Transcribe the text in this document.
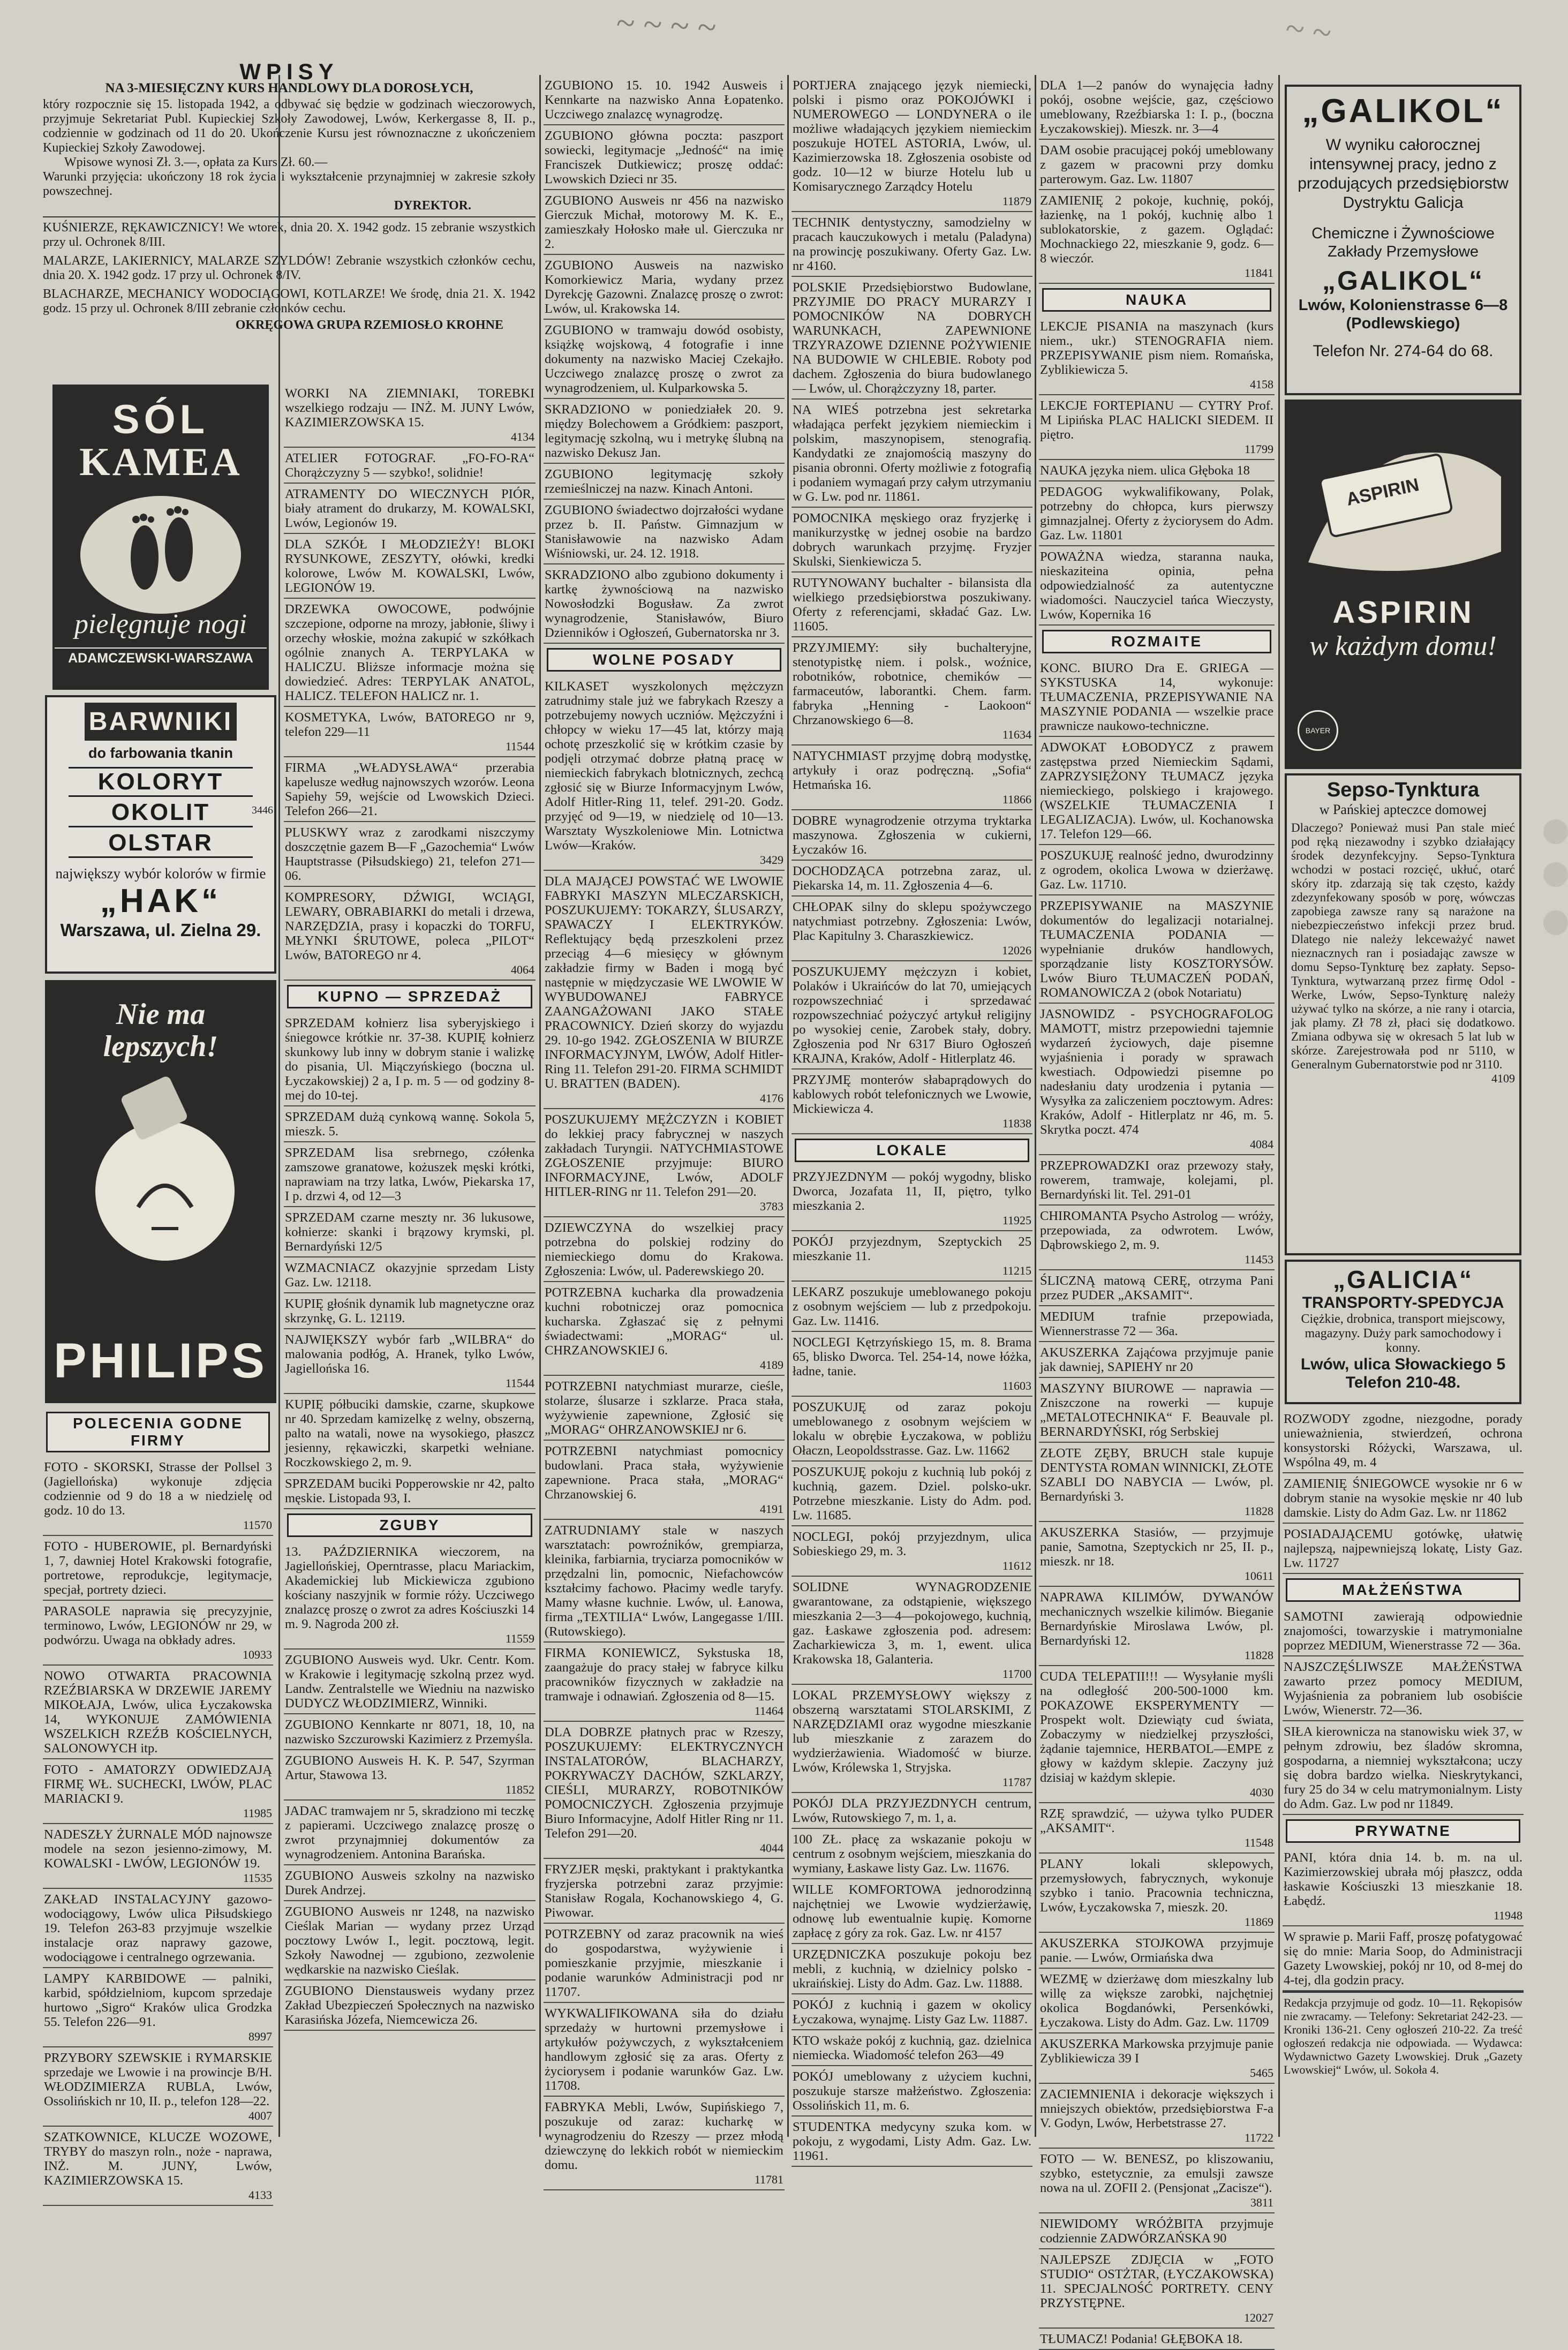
~ ~ ~ ~	~ ~
WPISY
NA 3-MIESIĘCZNY KURS HANDLOWY DLA DOROSŁYCH,
który rozpocznie się 15. listopada 1942, a odbywać się będzie w godzinach wieczorowych, przyjmuje Sekretariat Publ. Kupieckiej Szkoły Zawodowej, Lwów, Kerkergasse 8, II. p., codziennie w godzinach od 11 do 20. Ukończenie Kursu jest równoznaczne z ukończeniem Kupieckiej Szkoły Zawodowej.
Wpisowe wynosi Zł. 3.—, opłata za Kurs Zł. 60.—
Warunki przyjęcia: ukończony 18 rok życia i wykształcenie przynajmniej w zakresie szkoły powszechnej.
DYREKTOR.
KUŚNIERZE, RĘKAWICZNICY! We wtorek, dnia 20. X. 1942 godz. 15 zebranie wszystkich przy ul. Ochronek 8/III.
MALARZE, LAKIERNICY, MALARZE SZYLDÓW! Zebranie wszystkich członków cechu, dnia 20. X. 1942 godz. 17 przy ul. Ochronek 8/IV.
BLACHARZE, MECHANICY WODOCIĄGOWI, KOTLARZE! We środę, dnia 21. X. 1942 godz. 15 przy ul. Ochronek 8/III zebranie członków cechu.
OKRĘGOWA GRUPA RZEMIOSŁO KROHNE
SÓL
KAMEA
pielęgnuje nogi
ADAMCZEWSKI-WARSZAWA
BARWNIKI
do farbowania tkanin
KOLORYT
OKOLIT
OLSTAR
3446
największy wybór kolorów w firmie
„HAK“
Warszawa, ul. Zielna 29.
Nie ma lepszych!
PHILIPS
POLECENIA GODNE FIRMY
FOTO - SKORSKI, Strasse der Pollsel 3 (Jagiellońska) wykonuje zdjęcia codziennie od 9 do 18 a w niedzielę od godz. 10 do 13.
11570
FOTO - HUBEROWIE, pl. Bernardyński 1, 7, dawniej Hotel Krakowski fotografie, portretowe, reprodukcje, legitymacje, specjał, portrety dzieci.
PARASOLE naprawia się precyzyjnie, terminowo, Lwów, LEGIONÓW nr 29, w podwórzu. Uwaga na obkłady adres.
10933
NOWO OTWARTA PRACOWNIA RZEŹBIARSKA W DRZEWIE JAREMY MIKOŁAJA, Lwów, ulica Łyczakowska 14, WYKONUJE ZAMÓWIENIA WSZELKICH RZEŹB KOŚCIELNYCH, SALONOWYCH itp.
FOTO - AMATORZY ODWIEDZAJĄ FIRMĘ WŁ. SUCHECKI, LWÓW, PLAC MARIACKI 9.
11985
NADESZŁY ŻURNALE MÓD najnowsze modele na sezon jesienno-zimowy, M. KOWALSKI - LWÓW, LEGIONÓW 19.
11535
ZAKŁAD INSTALACYJNY gazowo-wodociągowy, Lwów ulica Piłsudskiego 19. Telefon 263-83 przyjmuje wszelkie instalacje oraz naprawy gazowe, wodociągowe i centralnego ogrzewania.
LAMPY KARBIDOWE — palniki, karbid, spółdzielniom, kupcom sprzedaje hurtowo „Sigro“ Kraków ulica Grodzka 55. Telefon 226—91.
8997
PRZYBORY SZEWSKIE i RYMARSKIE sprzedaje we Lwowie i na prowincje B/H. WŁODZIMIERZA RUBLA, Lwów, Ossolińskich nr 10, II. p., telefon 128—22.
4007
SZATKOWNICE, KLUCZE WOZOWE, TRYBY do maszyn roln., noże - naprawa, INŻ. M. JUNY, Lwów, KAZIMIERZOWSKA 15.
4133
WORKI NA ZIEMNIAKI, TOREBKI wszelkiego rodzaju — INŻ. M. JUNY Lwów, KAZIMIERZOWSKA 15.
4134
ATELIER FOTOGRAF. „FO-FO-RA“ Chorążczyzny 5 — szybko!, solidnie!
ATRAMENTY DO WIECZNYCH PIÓR, biały atrament do drukarzy, M. KOWALSKI, Lwów, Legionów 19.
DLA SZKÓŁ I MŁODZIEŻY! BLOKI RYSUNKOWE, ZESZYTY, ołówki, kredki kolorowe, Lwów M. KOWALSKI, Lwów, LEGIONÓW 19.
DRZEWKA OWOCOWE, podwójnie szczepione, odporne na mrozy, jabłonie, śliwy i orzechy włoskie, można zakupić w szkółkach ogólnie znanych A. TERPYLAKA w HALICZU. Bliższe informacje można się dowiedzieć. Adres: TERPYLAK ANATOL, HALICZ. TELEFON HALICZ nr. 1.
KOSMETYKA, Lwów, BATOREGO nr 9, telefon 229—11
11544
FIRMA „WŁADYSŁAWA“ przerabia kapelusze według najnowszych wzorów. Leona Sapiehy 59, wejście od Lwowskich Dzieci. Telefon 266—21.
PLUSKWY wraz z zarodkami niszczymy doszczętnie gazem B—F „Gazochemia“ Lwów Hauptstrasse (Piłsudskiego) 21, telefon 271—06.
KOMPRESORY, DŹWIGI, WCIĄGI, LEWARY, OBRABIARKI do metali i drzewa, NARZĘDZIA, prasy i kopaczki do TORFU, MŁYNKI ŚRUTOWE, poleca „PILOT“ Lwów, BATOREGO nr 4.
4064
KUPNO — SPRZEDAŻ
SPRZEDAM kołnierz lisa syberyjskiego i śniegowce krótkie nr. 37-38. KUPIĘ kołnierz skunkowy lub inny w dobrym stanie i walizkę do pisania, Ul. Miączyńskiego (boczna ul. Łyczakowskiej) 2 a, I p. m. 5 — od godziny 8-mej do 10-tej.
SPRZEDAM dużą cynkową wannę. Sokola 5, mieszk. 5.
SPRZEDAM lisa srebrnego, czółenka zamszowe granatowe, kożuszek męski krótki, naprawiam na trzy latka, Lwów, Piekarska 17, I p. drzwi 4, od 12—3
SPRZEDAM czarne meszty nr. 36 lukusowe, kołnierze: skanki i brązowy krymski, pl. Bernardyński 12/5
WZMACNIACZ okazyjnie sprzedam Listy Gaz. Lw. 12118.
KUPIĘ głośnik dynamik lub magnetyczne oraz skrzynkę, G. L. 12119.
NAJWIĘKSZY wybór farb „WILBRA“ do malowania podłóg, A. Hranek, tylko Lwów, Jagiellońska 16.
11544
KUPIĘ półbuciki damskie, czarne, skupkowe nr 40. Sprzedam kamizelkę z welny, obszerną, palto na watali, nowe na wysokiego, płaszcz jesienny, rękawiczki, skarpetki wełniane. Roczkowskiego 2, m. 9.
SPRZEDAM buciki Popperowskie nr 42, palto męskie. Listopada 93, I.
ZGUBY
13. PAŹDZIERNIKA wieczorem, na Jagiellońskiej, Operntrasse, placu Mariackim, Akademickiej lub Mickiewicza zgubiono kościany naszyjnik w formie róży. Uczciwego znalazcę proszę o zwrot za adres Kościuszki 14 m. 9. Nagroda 200 zł.
11559
ZGUBIONO Ausweis wyd. Ukr. Centr. Kom. w Krakowie i legitymację szkolną przez wyd. Landw. Zentralstelle we Wiedniu na nazwisko DUDYCZ WŁODZIMIERZ, Winniki.
ZGUBIONO Kennkarte nr 8071, 18, 10, na nazwisko Szczurowski Kazimierz z Przemyśla.
ZGUBIONO Ausweis H. K. P. 547, Szyrman Artur, Stawowa 13.
11852
JADAC tramwajem nr 5, skradziono mi teczkę z papierami. Uczciwego znalazcę proszę o zwrot przynajmniej dokumentów za wynagrodzeniem. Antonina Barańska.
ZGUBIONO Ausweis szkolny na nazwisko Durek Andrzej.
ZGUBIONO Ausweis nr 1248, na nazwisko Cieślak Marian — wydany przez Urząd pocztowy Lwów I., legit. pocztową, legit. Szkoły Nawodnej — zgubiono, zezwolenie wędkarskie na nazwisko Cieślak.
ZGUBIONO Dienstausweis wydany przez Zakład Ubezpieczeń Społecznych na nazwisko Karasińska Józefa, Niemcewicza 26.
ZGUBIONO 15. 10. 1942 Ausweis i Kennkarte na nazwisko Anna Łopatenko. Uczciwego znalazcę wynagrodzę.
ZGUBIONO główna poczta: paszport sowiecki, legitymacje „Jedność“ na imię Franciszek Dutkiewicz; proszę oddać: Lwowskich Dzieci nr 35.
ZGUBIONO Ausweis nr 456 na nazwisko Gierczuk Michał, motorowy M. K. E., zamieszkały Hołosko małe ul. Gierczuka nr 2.
ZGUBIONO Ausweis na nazwisko Komorkiewicz Maria, wydany przez Dyrekcję Gazowni. Znalazcę proszę o zwrot: Lwów, ul. Krakowska 14.
ZGUBIONO w tramwaju dowód osobisty, książkę wojskową, 4 fotografie i inne dokumenty na nazwisko Maciej Czekajło. Uczciwego znalazcę proszę o zwrot za wynagrodzeniem, ul. Kulparkowska 5.
SKRADZIONO w poniedziałek 20. 9. między Bolechowem a Gródkiem: paszport, legitymację szkolną, wu i metrykę ślubną na nazwisko Dekusz Jan.
ZGUBIONO legitymację szkoły rzemieślniczej na nazw. Kinach Antoni.
ZGUBIONO świadectwo dojrzałości wydane przez b. II. Państw. Gimnazjum w Stanisławowie na nazwisko Adam Wiśniowski, ur. 24. 12. 1918.
SKRADZIONO albo zgubiono dokumenty i kartkę żywnościową na nazwisko Nowosłodzki Bogusław. Za zwrot wynagrodzenie, Stanisławów, Biuro Dzienników i Ogłoszeń, Gubernatorska nr 3.
WOLNE POSADY
KILKASET wyszkolonych mężczyzn zatrudnimy stale już we fabrykach Rzeszy a potrzebujemy nowych uczniów. Mężczyźni i chłopcy w wieku 17—45 lat, którzy mają ochotę przeszkolić się w krótkim czasie by podjęli otrzymać dobrze płatną pracę w niemieckich fabrykach blotnicznych, zechcą zgłosić się w Biurze Informacyjnym Lwów, Adolf Hitler-Ring 11, telef. 291-20. Godz. przyjęć od 9—19, w niedzielę od 10—13. Warsztaty Wyszkoleniowe Min. Lotnictwa Lwów—Kraków.
3429
DLA MAJĄCEJ POWSTAĆ WE LWOWIE FABRYKI MASZYN MLECZARSKICH, POSZUKUJEMY: TOKARZY, ŚLUSARZY, SPAWACZY I ELEKTRYKÓW. Reflektujący będą przeszkoleni przez przeciąg 4—6 miesięcy w głównym zakładzie firmy w Baden i mogą być następnie w międzyczasie WE LWOWIE W WYBUDOWANEJ FABRYCE ZAANGAŻOWANI JAKO STAŁE PRACOWNICY. Dzień skorzy do wyjazdu 29. 10-go 1942. ZGŁOSZENIA W BIURZE INFORMACYJNYM, LWÓW, Adolf Hitler-Ring 11. Telefon 291-20. FIRMA SCHMIDT U. BRATTEN (BADEN).
4176
POSZUKUJEMY MĘŻCZYZN i KOBIET do lekkiej pracy fabrycznej w naszych zakładach Turyngii. NATYCHMIASTOWE ZGŁOSZENIE przyjmuje: BIURO INFORMACYJNE, Lwów, ADOLF HITLER-RING nr 11. Telefon 291—20.
3783
DZIEWCZYNA do wszelkiej pracy potrzebna do polskiej rodziny do niemieckiego domu do Krakowa. Zgłoszenia: Lwów, ul. Paderewskiego 20.
POTRZEBNA kucharka dla prowadzenia kuchni robotniczej oraz pomocnica kucharska. Zgłaszać się z pełnymi świadectwami: „MORAG“ ul. CHRZANOWSKIEJ 6.
4189
POTRZEBNI natychmiast murarze, cieśle, stolarze, ślusarze i szklarze. Praca stała, wyżywienie zapewnione, Zgłosić się „MORAG“ OHRZANOWSKIEJ nr 6.
POTRZEBNI natychmiast pomocnicy budowlani. Praca stała, wyżywienie zapewnione. Praca stała, „MORAG“ Chrzanowskiej 6.
4191
ZATRUDNIAMY stale w naszych warsztatach: powroźników, grempiarza, kleinika, farbiarnia, tryciarza pomocników w przędzalni lin, pomocnic, Niefachowców kształcimy fachowo. Płacimy wedle taryfy. Mamy własne kuchnie. Lwów, ul. Łanowa, firma „TEXTILIA“ Lwów, Langegasse 1/III. (Rutowskiego).
FIRMA KONIEWICZ, Sykstuska 18, zaangażuje do pracy stałej w fabryce kilku pracowników fizycznych w zakładzie na tramwaje i odnawiań. Zgłoszenia od 8—15.
11464
DLA DOBRZE płatnych prac w Rzeszy, POSZUKUJEMY: ELEKTRYCZNYCH INSTALATORÓW, BLACHARZY, POKRYWACZY DACHÓW, SZKLARZY, CIEŚLI, MURARZY, ROBOTNIKÓW POMOCNICZYCH. Zgłoszenia przyjmuje Biuro Informacyjne, Adolf Hitler Ring nr 11. Telefon 291—20.
4044
FRYZJER męski, praktykant i praktykantka fryzjerska potrzebni zaraz przyjmie: Stanisław Rogala, Kochanowskiego 4, G. Piwowar.
POTRZEBNY od zaraz pracownik na wieś do gospodarstwa, wyżywienie i pomieszkanie przyjmie, mieszkanie i podanie warunków Administracji pod nr 11707.
WYKWALIFIKOWANA siła do działu sprzedaży w hurtowni przemysłowe i artykułów pożywczych, z wykształceniem handlowym zgłosić się za aras. Oferty z życiorysem i podanie warunków Gaz. Lw. 11708.
FABRYKA Mebli, Lwów, Supińskiego 7, poszukuje od zaraz: kucharkę w wynagrodzeniu do Rzeszy — przez młodą dziewczynę do lekkich robót w niemieckim domu.
11781
PORTJERA znającego język niemiecki, polski i pismo oraz POKOJÓWKI i NUMEROWEGO — LONDYNERA o ile możliwe władających językiem niemieckim poszukuje HOTEL ASTORIA, Lwów, ul. Kazimierzowska 18. Zgłoszenia osobiste od godz. 10—12 w biurze Hotelu lub u Komisarycznego Zarządcy Hotelu
11879
TECHNIK dentystyczny, samodzielny w pracach kauczukowych i metalu (Paladyna) na prowincję poszukiwany. Oferty Gaz. Lw. nr 4160.
POLSKIE Przedsiębiorstwo Budowlane, PRZYJMIE DO PRACY MURARZY I POMOCNIKÓW NA DOBRYCH WARUNKACH, ZAPEWNIONE TRZYRAZOWE DZIENNE POŻYWIENIE NA BUDOWIE W CHLEBIE. Roboty pod dachem. Zgłoszenia do biura budowlanego — Lwów, ul. Chorążczyzny 18, parter.
NA WIEŚ potrzebna jest sekretarka władająca perfekt językiem niemieckim i polskim, maszynopisem, stenografią. Kandydatki ze znajomością maszyny do pisania obronni. Oferty możliwie z fotografią i podaniem wymagań przy całym utrzymaniu w G. Lw. pod nr. 11861.
POMOCNIKA męskiego oraz fryzjerkę i manikurzystkę w jednej osobie na bardzo dobrych warunkach przyjmę. Fryzjer Skulski, Sienkiewicza 5.
RUTYNOWANY buchalter - bilansista dla wielkiego przedsiębiorstwa poszukiwany. Oferty z referencjami, składać Gaz. Lw. 11605.
PRZYJMIEMY: siły buchalteryjne, stenotypistkę niem. i polsk., woźnice, robotników, robotnice, chemików — farmaceutów, laborantki. Chem. farm. fabryka „Henning - Laokoon“ Chrzanowskiego 6—8.
11634
NATYCHMIAST przyjmę dobrą modystkę, artykuły i oraz podręczną. „Sofia“ Hetmańska 16.
11866
DOBRE wynagrodzenie otrzyma tryktarka maszynowa. Zgłoszenia w cukierni, Łyczaków 16.
DOCHODZĄCA potrzebna zaraz, ul. Piekarska 14, m. 11. Zgłoszenia 4—6.
CHŁOPAK silny do sklepu spożywczego natychmiast potrzebny. Zgłoszenia: Lwów, Plac Kapitulny 3. Charaszkiewicz.
12026
POSZUKUJEMY mężczyzn i kobiet, Polaków i Ukraińców do lat 70, umiejących rozpowszechniać i sprzedawać rozpowszechniać pożyczyć artykuł religijny po wysokiej cenie, Zarobek stały, dobry. Zgłoszenia pod Nr 6317 Biuro Ogłoszeń KRAJNA, Kraków, Adolf - Hitlerplatz 46.
PRZYJMĘ monterów słabaprądowych do kablowych robót telefonicznych we Lwowie, Mickiewicza 4.
11838
LOKALE
PRZYJEZDNYM — pokój wygodny, blisko Dworca, Jozafata 11, II, piętro, tylko mieszkania 2.
11925
POKÓJ przyjezdnym, Szeptyckich 25 mieszkanie 11.
11215
LEKARZ poszukuje umeblowanego pokoju z osobnym wejściem — lub z przedpokoju. Gaz. Lw. 11416.
NOCLEGI Kętrzyńskiego 15, m. 8. Brama 65, blisko Dworca. Tel. 254-14, nowe łóżka, ładne, tanie.
11603
POSZUKUJĘ od zaraz pokoju umeblowanego z osobnym wejściem w lokalu w obrębie Łyczakowa, w pobliżu Ołaczn, Leopoldsstrasse. Gaz. Lw. 11662
POSZUKUJĘ pokoju z kuchnią lub pokój z kuchnią, gazem. Dziel. polsko-ukr. Potrzebne mieszkanie. Listy do Adm. pod. Lw. 11685.
NOCLEGI, pokój przyjezdnym, ulica Sobieskiego 29, m. 3.
11612
SOLIDNE WYNAGRODZENIE gwarantowane, za odstąpienie, większego mieszkania 2—3—4—pokojowego, kuchnią, gaz. Łaskawe zgłoszenia pod. adresem: Zacharkiewicza 3, m. 1, ewent. ulica Krakowska 18, Galanteria.
11700
LOKAL PRZEMYSŁOWY większy z obszerną warsztatami STOLARSKIMI, Z NARZĘDZIAMI oraz wygodne mieszkanie lub mieszkanie z zarazem do wydzierżawienia. Wiadomość w biurze. Lwów, Królewska 1, Stryjska.
11787
POKÓJ DLA PRZYJEZDNYCH centrum, Lwów, Rutowskiego 7, m. 1, a.
100 ZŁ. płacę za wskazanie pokoju w centrum z osobnym wejściem, mieszkania do wymiany, Łaskawe listy Gaz. Lw. 11676.
WILLE KOMFORTOWA jednorodzinną najchętniej we Lwowie wydzierżawię, odnowę lub ewentualnie kupię. Komorne zapłacę z góry za rok. Gaz. Lw. nr 4157
URZĘDNICZKA poszukuje pokoju bez mebli, z kuchnią, w dzielnicy polsko - ukraińskiej. Listy do Adm. Gaz. Lw. 11888.
POKÓJ z kuchnią i gazem w okolicy Łyczakowa, wynajmę. Listy Gaz Lw. 11887.
KTO wskaże pokój z kuchnią, gaz. dzielnica niemiecka. Wiadomość telefon 263—49
POKÓJ umeblowany z użyciem kuchni, poszukuje starsze małżeństwo. Zgłoszenia: Ossolińskich 11, m. 6.
STUDENTKA medycyny szuka kom. w pokoju, z wygodami, Listy Adm. Gaz. Lw. 11961.
DLA 1—2 panów do wynajęcia ładny pokój, osobne wejście, gaz, częściowo umeblowany, Rzeźbiarska 1: I. p., (boczna Łyczakowskiej). Mieszk. nr. 3—4
DAM osobie pracującej pokój umeblowany z gazem w pracowni przy domku parterowym. Gaz. Lw. 11807
ZAMIENIĘ 2 pokoje, kuchnię, pokój, łazienkę, na 1 pokój, kuchnię albo 1 sublokatorskie, z gazem. Oglądać: Mochnackiego 22, mieszkanie 9, godz. 6—8 wieczór.
11841
NAUKA
LEKCJE PISANIA na maszynach (kurs niem., ukr.) STENOGRAFIA niem. PRZEPISYWANIE pism niem. Romańska, Zyblikiewicza 5.
4158
LEKCJE FORTEPIANU — CYTRY Prof. M Lipińska PLAC HALICKI SIEDEM. II piętro.
11799
NAUKA języka niem. ulica Głęboka 18
PEDAGOG wykwalifikowany, Polak, potrzebny do chłopca, kurs pierwszy gimnazjalnej. Oferty z życiorysem do Adm. Gaz. Lw. 11801
POWAŻNA wiedza, staranna nauka, nieskaziteina opinia, pełna odpowiedzialność za autentyczne wiadomości. Nauczyciel tańca Wieczysty, Lwów, Kopernika 16
ROZMAITE
KONC. BIURO Dra E. GRIEGA — SYKSTUSKA 14, wykonuje: TŁUMACZENIA, PRZEPISYWANIE NA MASZYNIE PODANIA — wszelkie prace prawnicze naukowo-techniczne.
ADWOKAT ŁOBODYCZ z prawem zastępstwa przed Niemieckim Sądami, ZAPRZYSIĘŻONY TŁUMACZ języka niemieckiego, polskiego i krajowego. (WSZELKIE TŁUMACZENIA I LEGALIZACJA). Lwów, ul. Kochanowska 17. Telefon 129—66.
POSZUKUJĘ realność jedno, dwurodzinny z ogrodem, okolica Lwowa w dzierżawę. Gaz. Lw. 11710.
PRZEPISYWANIE na MASZYNIE dokumentów do legalizacji notarialnej. TŁUMACZENIA PODANIA — wypełnianie druków handlowych, sporządzanie listy KOSZTORYSÓW. Lwów Biuro TŁUMACZEŃ PODAŃ, ROMANOWICZA 2 (obok Notariatu)
JASNOWIDZ - PSYCHOGRAFOLOG MAMOTT, mistrz przepowiedni tajemnie wydarzeń życiowych, daje pisemne wyjaśnienia i porady w sprawach kwestiach. Odpowiedzi pisemne po nadesłaniu daty urodzenia i pytania — Wysyłka za zaliczeniem pocztowym. Adres: Kraków, Adolf - Hitlerplatz nr 46, m. 5. Skrytka poczt. 474
4084
PRZEPROWADZKI oraz przewozy stały, rowerem, tramwaje, kolejami, pl. Bernardyński lit. Tel. 291-01
CHIROMANTA Psycho Astrolog — wróży, przepowiada, za odwrotem. Lwów, Dąbrowskiego 2, m. 9.
11453
ŚLICZNĄ matową CERĘ, otrzyma Pani przez PUDER „AKSAMIT“.
MEDIUM trafnie przepowiada, Wiennerstrasse 72 — 36a.
AKUSZERKA Zająćowa przyjmuje panie jak dawniej, SAPIEHY nr 20
MASZYNY BIUROWE — naprawia — Zniszczone na rowerki — kupuje „METALOTECHNIKA“ F. Beauvale pl. BERNARDYŃSKI, róg Serbskiej
ZŁOTE ZĘBY, BRUCH stale kupuje DENTYSTA ROMAN WINNICKI, ZŁOTE SZABLI DO NABYCIA — Lwów, pl. Bernardyński 3.
11828
AKUSZERKA Stasiów, — przyjmuje panie, Samotna, Szeptyckich nr 25, II. p., mieszk. nr 18.
10611
NAPRAWA KILIMÓW, DYWANÓW mechanicznych wszelkie kilimów. Bieganie Bernardyńskie Miroslawa Lwów, pl. Bernardyński 12.
11828
CUDA TELEPATII!!! — Wysyłanie myśli na odległość 200-500-1000 km. POKAZOWE EKSPERYMENTY — Prospekt wolt. Dziewiąty cud świata, Zobaczymy w niedzielkej przyszłości, żądanie tajemnice, HERBATOL—EMPE z głowy w każdym sklepie. Zaczyny już dzisiaj w każdym sklepie.
4030
RZĘ sprawdzić, — używa tylko PUDER „AKSAMIT“.
11548
PLANY lokali sklepowych, przemysłowych, fabrycznych, wykonuje szybko i tanio. Pracownia techniczna, Lwów, Łyczakowska 7, mieszk. 20.
11869
AKUSZERKA STOJKOWA przyjmuje panie. — Lwów, Ormiańska dwa
WEZMĘ w dzierżawę dom mieszkalny lub willę za większe zarobki, najchętniej okolica Bogdanówki, Persenkówki, Łyczakowa. Listy do Adm. Gaz. Lw. 11709
AKUSZERKA Markowska przyjmuje panie Zyblikiewicza 39 I
5465
ZACIEMNIENIA i dekoracje większych i mniejszych obiektów, przedsiębiorstwa F-a V. Godyn, Lwów, Herbetstrasse 27.
11722
FOTO — W. BENESZ, po kliszowaniu, szybko, estetycznie, za emulsji zawsze nowa na ul. ZOFII 2. (Pensjonat „Zacisze“).
3811
NIEWIDOMY WRÓŻBITA przyjmuje codziennie ZADWÓRZAŃSKA 90
NAJLEPSZE ZDJĘCIA w „FOTO STUDIO“ OSTŻTAR, (ŁYCZAKOWSKA) 11. SPECJALNOŚĆ PORTRETY. CENY PRZYSTĘPNE.
12027
TŁUMACZ! Podania! GŁĘBOKA 18.
„GALIKOL“
W wyniku całorocznej intensywnej pracy, jedno z przodujących przedsiębiorstw Dystryktu Galicja
Chemiczne i Żywnościowe Zakłady Przemysłowe
„GALIKOL“
Lwów, Kolonienstrasse 6—8 (Podlewskiego)
Telefon Nr. 274-64 do 68.
ASPIRIN
ASPIRIN
w każdym domu!
BAYER
Sepso-Tynktura
w Pańskiej apteczce domowej
Dlaczego? Ponieważ musi Pan stale mieć pod ręką niezawodny i szybko działający środek dezynfekcyjny. Sepso-Tynktura wchodzi w postaci rozcięć, ukłuć, otarć skóry itp. zdarzają się tak często, każdy zdezynfekowany sposób w porę, wówczas zapobiega zawsze rany są narażone na niebezpieczeństwo infekcji przez brud. Dlatego nie należy lekceważyć nawet nieznacznych ran i posiadając zawsze w domu Sepso-Tynkturę bez zapłaty. Sepso-Tynktura, wytwarzaną przez firmę Odol - Werke, Lwów, Sepso-Tynkturę należy używać tylko na skórze, a nie rany i otarcia, jak plamy. Zł 78 zł, płaci się dodatkowo. Zmiana odbywa się w okresach 5 lat lub w skórze. Zarejestrowała pod nr 5110, w Generalnym Gubernatorstwie pod nr 3110.
4109
„GALICIA“
TRANSPORTY-SPEDYCJA
Ciężkie, drobnica, transport miejscowy, magazyny. Duży park samochodowy i konny.
Lwów, ulica Słowackiego 5
Telefon 210-48.
ROZWODY zgodne, niezgodne, porady unieważnienia, stwierdzeń, ochrona konsystorski Różycki, Warszawa, ul. Wspólna 49, m. 4
ZAMIENIĘ ŚNIEGOWCE wysokie nr 6 w dobrym stanie na wysokie męskie nr 40 lub damskie. Listy do Adm Gaz. Lw. nr 11862
POSIADAJĄCEMU gotówkę, ułatwię najlepszą, najpewniejszą lokatę, Listy Gaz. Lw. 11727
MAŁŻEŃSTWA
SAMOTNI zawierają odpowiednie znajomości, towarzyskie i matrymonialne poprzez MEDIUM, Wienerstrasse 72 — 36a.
NAJSZCZĘŚLIWSZE MAŁŻEŃSTWA zawarto przez pomocy MEDIUM, Wyjaśnienia za pobraniem lub osobiście Lwów, Wienerstr. 72—36.
SIŁA kierownicza na stanowisku wiek 37, w pełnym zdrowiu, bez śladów skromna, gospodarna, a niemniej wykształcona; uczy się dobra bardzo wielka. Nieskrytykanci, fury 25 do 34 w celu matrymonialnym. Listy do Adm. Gaz. Lw pod nr 11849.
PRYWATNE
PANI, która dnia 14. b. m. na ul. Kazimierzowskiej ubrała mój płaszcz, odda łaskawie Kościuszki 13 mieszkanie 18. Łabędź.
11948
W sprawie p. Marii Faff, proszę pofatygować się do mnie: Maria Soop, do Administracji Gazety Lwowskiej, pokój nr 10, od 8-mej do 4-tej, dla godzin pracy.
Redakcja przyjmuje od godz. 10—11. Rękopisów nie zwracamy. — Telefony: Sekretariat 242-23. — Kroniki 136-21. Ceny ogłoszeń 210-22. Za treść ogłoszeń redakcja nie odpowiada. — Wydawca: Wydawnictwo Gazety Lwowskiej. Druk „Gazety Lwowskiej“ Lwów, ul. Sokoła 4.
